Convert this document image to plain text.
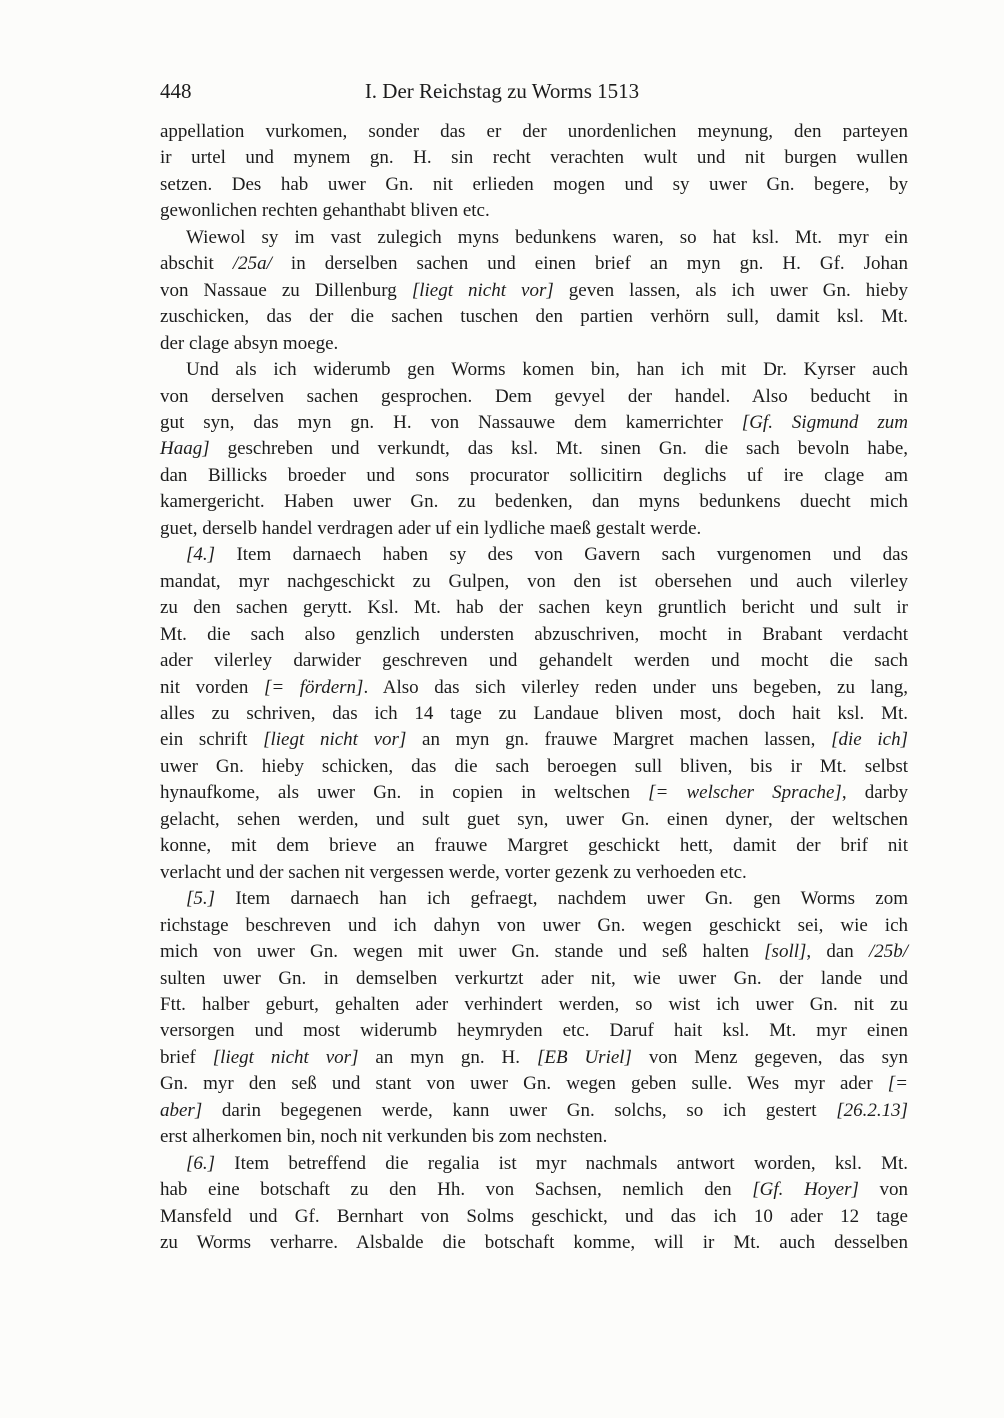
448	I. Der Reichstag zu Worms 1513
appellation vurkomen, sonder das er der unordenlichen meynung, den parteyen
ir urtel und mynem gn. H. sin recht verachten wult und nit burgen wullen
setzen. Des hab uwer Gn. nit erlieden mogen und sy uwer Gn. begere, by
gewonlichen rechten gehanthabt bliven etc.
Wiewol sy im vast zulegich myns bedunkens waren, so hat ksl. Mt. myr ein
abschit /25a/ in derselben sachen und einen brief an myn gn. H. Gf. Johan
von Nassaue zu Dillenburg [liegt nicht vor] geven lassen, als ich uwer Gn. hieby
zuschicken, das der die sachen tuschen den partien verhörn sull, damit ksl. Mt.
der clage absyn moege.
Und als ich widerumb gen Worms komen bin, han ich mit Dr. Kyrser auch
von derselven sachen gesprochen. Dem gevyel der handel. Also beducht in
gut syn, das myn gn. H. von Nassauwe dem kamerrichter [Gf. Sigmund zum
Haag] geschreben und verkundt, das ksl. Mt. sinen Gn. die sach bevoln habe,
dan Billicks broeder und sons procurator sollicitirn deglichs uf ire clage am
kamergericht. Haben uwer Gn. zu bedenken, dan myns bedunkens duecht mich
guet, derselb handel verdragen ader uf ein lydliche maeß gestalt werde.
[4.] Item darnaech haben sy des von Gavern sach vurgenomen und das
mandat, myr nachgeschickt zu Gulpen, von den ist obersehen und auch vilerley
zu den sachen gerytt. Ksl. Mt. hab der sachen keyn gruntlich bericht und sult ir
Mt. die sach also genzlich understen abzuschriven, mocht in Brabant verdacht
ader vilerley darwider geschreven und gehandelt werden und mocht die sach
nit vorden [= fördern]. Also das sich vilerley reden under uns begeben, zu lang,
alles zu schriven, das ich 14 tage zu Landaue bliven most, doch hait ksl. Mt.
ein schrift [liegt nicht vor] an myn gn. frauwe Margret machen lassen, [die ich]
uwer Gn. hieby schicken, das die sach beroegen sull bliven, bis ir Mt. selbst
hynaufkome, als uwer Gn. in copien in weltschen [= welscher Sprache], darby
gelacht, sehen werden, und sult guet syn, uwer Gn. einen dyner, der weltschen
konne, mit dem brieve an frauwe Margret geschickt hett, damit der brif nit
verlacht und der sachen nit vergessen werde, vorter gezenk zu verhoeden etc.
[5.] Item darnaech han ich gefraegt, nachdem uwer Gn. gen Worms zom
richstage beschreven und ich dahyn von uwer Gn. wegen geschickt sei, wie ich
mich von uwer Gn. wegen mit uwer Gn. stande und seß halten [soll], dan /25b/
sulten uwer Gn. in demselben verkurtzt ader nit, wie uwer Gn. der lande und
Ftt. halber geburt, gehalten ader verhindert werden, so wist ich uwer Gn. nit zu
versorgen und most widerumb heymryden etc. Daruf hait ksl. Mt. myr einen
brief [liegt nicht vor] an myn gn. H. [EB Uriel] von Menz gegeven, das syn
Gn. myr den seß und stant von uwer Gn. wegen geben sulle. Wes myr ader [=
aber] darin begegenen werde, kann uwer Gn. solchs, so ich gestert [26.2.13]
erst alherkomen bin, noch nit verkunden bis zom nechsten.
[6.] Item betreffend die regalia ist myr nachmals antwort worden, ksl. Mt.
hab eine botschaft zu den Hh. von Sachsen, nemlich den [Gf. Hoyer] von
Mansfeld und Gf. Bernhart von Solms geschickt, und das ich 10 ader 12 tage
zu Worms verharre. Alsbalde die botschaft komme, will ir Mt. auch desselben
